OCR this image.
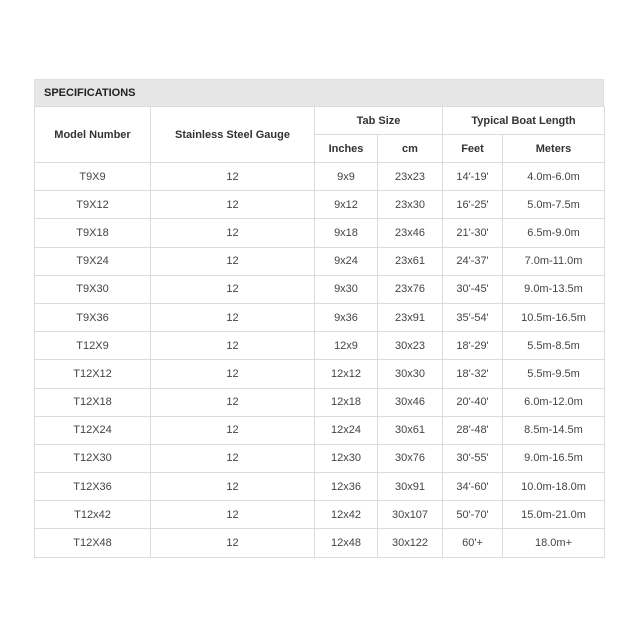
SPECIFICATIONS
Model Number	Stainless Steel Gauge	Tab Size		Typical Boat Length	
		Inches	cm	Feet	Meters
T9X9	12	9x9	23x23	14'-19'	4.0m-6.0m
T9X12	12	9x12	23x30	16'-25'	5.0m-7.5m
T9X18	12	9x18	23x46	21'-30'	6.5m-9.0m
T9X24	12	9x24	23x61	24'-37'	7.0m-11.0m
T9X30	12	9x30	23x76	30'-45'	9.0m-13.5m
T9X36	12	9x36	23x91	35'-54'	10.5m-16.5m
T12X9	12	12x9	30x23	18'-29'	5.5m-8.5m
T12X12	12	12x12	30x30	18'-32'	5.5m-9.5m
T12X18	12	12x18	30x46	20'-40'	6.0m-12.0m
T12X24	12	12x24	30x61	28'-48'	8.5m-14.5m
T12X30	12	12x30	30x76	30'-55'	9.0m-16.5m
T12X36	12	12x36	30x91	34'-60'	10.0m-18.0m
T12x42	12	12x42	30x107	50'-70'	15.0m-21.0m
T12X48	12	12x48	30x122	60'+	18.0m+
